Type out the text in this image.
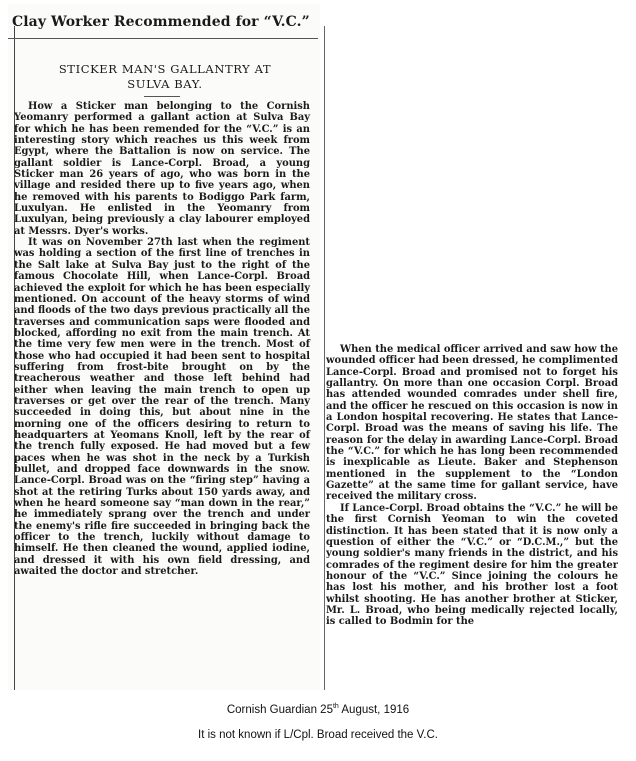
Clay Worker Recommended for “V.C.”
STICKER MAN'S GALLANTRY AT
SULVA BAY.

How a Sticker man belonging to the Cornish Yeomanry performed a gallant action at Sulva Bay for which he has been remended for the “V.C.” is an interesting story which reaches us this week from Egypt, where the Battalion is now on service. The gallant soldier is Lance-Corpl. Broad, a young Sticker man 26 years of ago, who was born in the village and resided there up to five years ago, when he removed with his parents to Bodiggo Park farm, Luxulyan. He enlisted in the Yeomanry from Luxulyan, being previously a clay labourer employed at Messrs. Dyer's works.

It was on November 27th last when the regiment was holding a section of the first line of trenches in the Salt lake at Sulva Bay just to the right of the famous Chocolate Hill, when Lance-Corpl. Broad achieved the exploit for which he has been especially mentioned. On account of the heavy storms of wind and floods of the two days previous practically all the traverses and communication saps were flooded and blocked, affording no exit from the main trench. At the time very few men were in the trench. Most of those who had occupied it had been sent to hospital suffering from frost-bite brought on by the treacherous weather and those left behind had either when leaving the main trench to open up traverses or get over the rear of the trench. Many succeeded in doing this, but about nine in the morning one of the officers desiring to return to headquarters at Yeomans Knoll, left by the rear of the trench fully exposed. He had moved but a few paces when he was shot in the neck by a Turkish bullet, and dropped face downwards in the snow. Lance-Corpl. Broad was on the “firing step” having a shot at the retiring Turks about 150 yards away, and when he heard someone say “man down in the rear,” he immediately sprang over the trench and under the enemy's rifle fire succeeded in bringing back the officer to the trench, luckily without damage to himself. He then cleaned the wound, applied iodine, and dressed it with his own field dressing, and awaited the doctor and stretcher.

When the medical officer arrived and saw how the wounded officer had been dressed, he complimented Lance-Corpl. Broad and promised not to forget his gallantry. On more than one occasion Corpl. Broad has attended wounded comrades under shell fire, and the officer he rescued on this occasion is now in a London hospital recovering. He states that Lance-Corpl. Broad was the means of saving his life. The reason for the delay in awarding Lance-Corpl. Broad the “V.C.” for which he has long been recommended is inexplicable as Lieute. Baker and Stephenson mentioned in the supplement to the “London Gazette” at the same time for gallant service, have received the military cross.

If Lance-Corpl. Broad obtains the “V.C.” he will be the first Cornish Yeoman to win the coveted distinction. It has been stated that it is now only a question of either the “V.C.” or “D.C.M.,” but the young soldier's many friends in the district, and his comrades of the regiment desire for him the greater honour of the “V.C.” Since joining the colours he has lost his mother, and his brother lost a foot whilst shooting. He has another brother at Sticker, Mr. L. Broad, who being medically rejected locally, is called to Bodmin for the

Cornish Guardian 25th August, 1916
It is not known if L/Cpl. Broad received the V.C.
